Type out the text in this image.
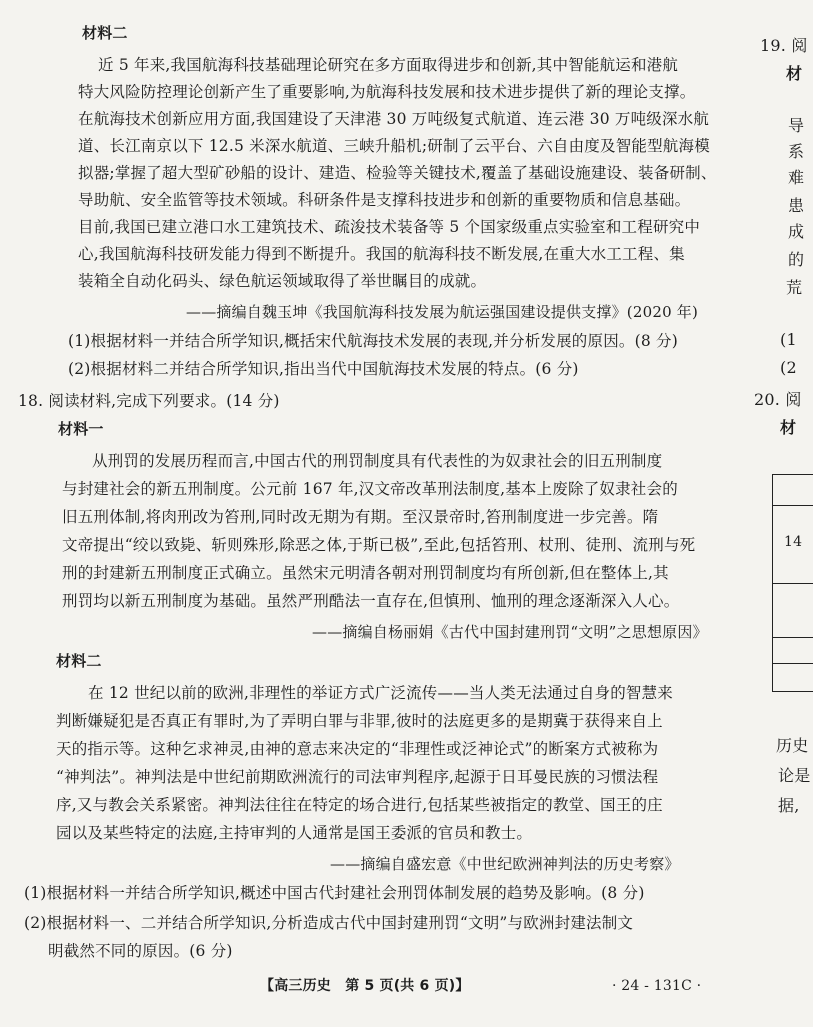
材料二
近 5 年来,我国航海科技基础理论研究在多方面取得进步和创新,其中智能航运和港航
特大风险防控理论创新产生了重要影响,为航海科技发展和技术进步提供了新的理论支撑。
在航海技术创新应用方面,我国建设了天津港 30 万吨级复式航道、连云港 30 万吨级深水航
道、长江南京以下 12.5 米深水航道、三峡升船机;研制了云平台、六自由度及智能型航海模
拟器;掌握了超大型矿砂船的设计、建造、检验等关键技术,覆盖了基础设施建设、装备研制、
导助航、安全监管等技术领域。科研条件是支撑科技进步和创新的重要物质和信息基础。
目前,我国已建立港口水工建筑技术、疏浚技术装备等 5 个国家级重点实验室和工程研究中
心,我国航海科技研发能力得到不断提升。我国的航海科技不断发展,在重大水工工程、集
装箱全自动化码头、绿色航运领域取得了举世瞩目的成就。
——摘编自魏玉坤《我国航海科技发展为航运强国建设提供支撑》(2020 年)
(1)根据材料一并结合所学知识,概括宋代航海技术发展的表现,并分析发展的原因。(8 分)
(2)根据材料二并结合所学知识,指出当代中国航海技术发展的特点。(6 分)
18. 阅读材料,完成下列要求。(14 分)
材料一
从刑罚的发展历程而言,中国古代的刑罚制度具有代表性的为奴隶社会的旧五刑制度
与封建社会的新五刑制度。公元前 167 年,汉文帝改革刑法制度,基本上废除了奴隶社会的
旧五刑体制,将肉刑改为笞刑,同时改无期为有期。至汉景帝时,笞刑制度进一步完善。隋
文帝提出“绞以致毙、斩则殊形,除恶之体,于斯已极”,至此,包括笞刑、杖刑、徒刑、流刑与死
刑的封建新五刑制度正式确立。虽然宋元明清各朝对刑罚制度均有所创新,但在整体上,其
刑罚均以新五刑制度为基础。虽然严刑酷法一直存在,但慎刑、恤刑的理念逐渐深入人心。
——摘编自杨丽娟《古代中国封建刑罚“文明”之思想原因》
材料二
在 12 世纪以前的欧洲,非理性的举证方式广泛流传——当人类无法通过自身的智慧来
判断嫌疑犯是否真正有罪时,为了弄明白罪与非罪,彼时的法庭更多的是期冀于获得来自上
天的指示等。这种乞求神灵,由神的意志来决定的“非理性或泛神论式”的断案方式被称为
“神判法”。神判法是中世纪前期欧洲流行的司法审判程序,起源于日耳曼民族的习惯法程
序,又与教会关系紧密。神判法往往在特定的场合进行,包括某些被指定的教堂、国王的庄
园以及某些特定的法庭,主持审判的人通常是国王委派的官员和教士。
——摘编自盛宏意《中世纪欧洲神判法的历史考察》
(1)根据材料一并结合所学知识,概述中国古代封建社会刑罚体制发展的趋势及影响。(8 分)
(2)根据材料一、二并结合所学知识,分析造成古代中国封建刑罚“文明”与欧洲封建法制文
明截然不同的原因。(6 分)
【高三历史　第 5 页(共 6 页)】	· 24 - 131C ·
19. 阅
材
导
系
难
患
成
的
荒
(1
(2
20. 阅
材
14
历史
论是
据,
